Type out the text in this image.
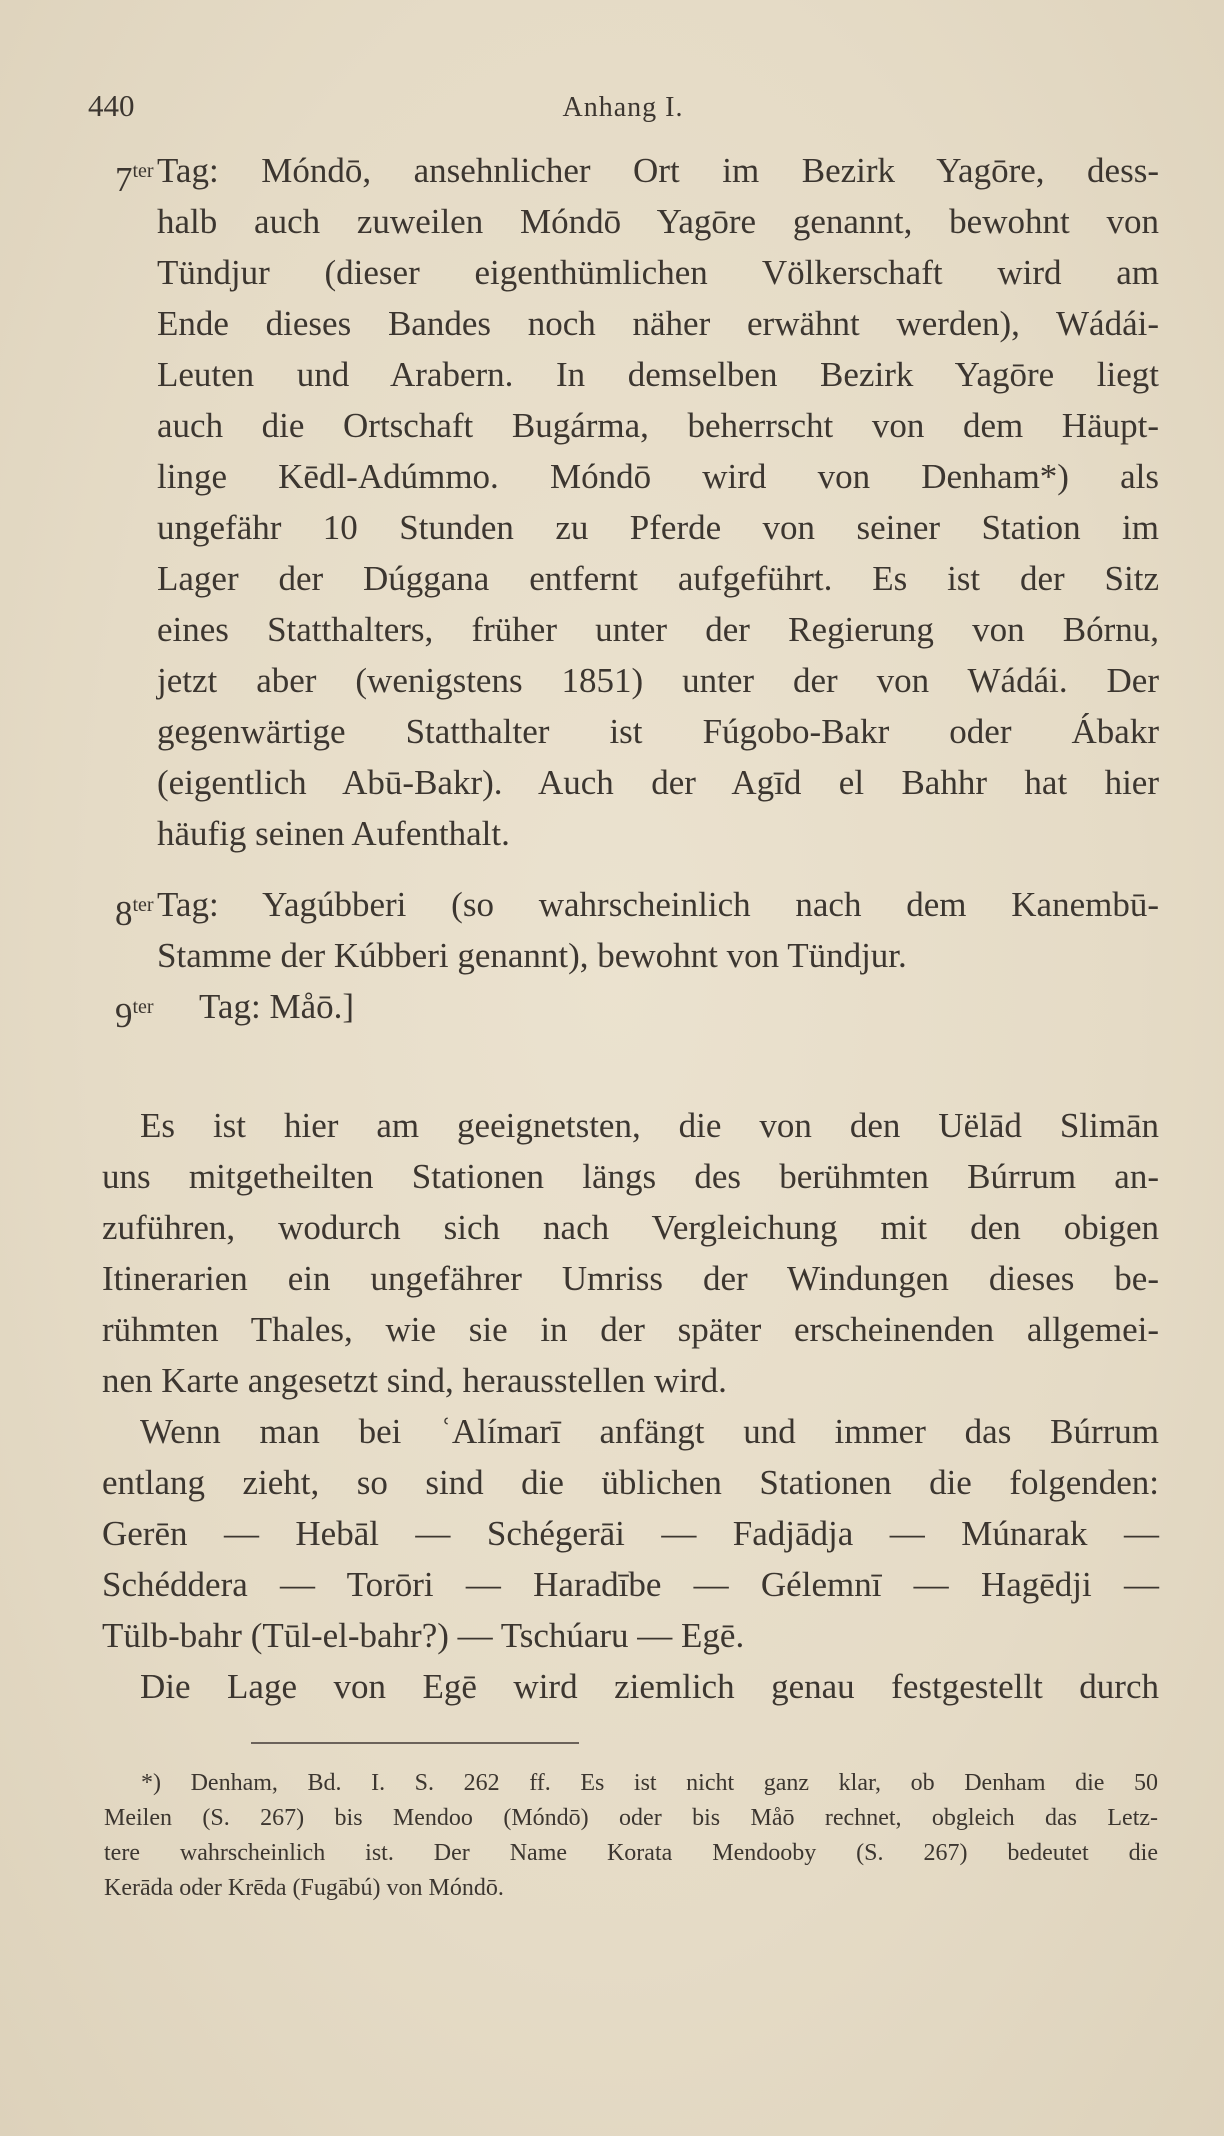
440	Anhang I.
$7^{ter}$ Tag: Móndō, ansehnlicher Ort im Bezirk Yagōre, dess-
halb auch zuweilen Móndō Yagōre genannt, bewohnt von
Tündjur (dieser eigenthümlichen Völkerschaft wird am
Ende dieses Bandes noch näher erwähnt werden), Wádái-
Leuten und Arabern. In demselben Bezirk Yagōre liegt
auch die Ortschaft Bugárma, beherrscht von dem Häupt-
linge Kēdl-Adúmmo. Móndō wird von Denham*) als
ungefähr 10 Stunden zu Pferde von seiner Station im
Lager der Dúggana entfernt aufgeführt. Es ist der Sitz
eines Statthalters, früher unter der Regierung von Bórnu,
jetzt aber (wenigstens 1851) unter der von Wádái. Der
gegenwärtige Statthalter ist Fúgobo-Bakr oder Ábakr
(eigentlich Abū-Bakr). Auch der Agīd el Bahhr hat hier
häufig seinen Aufenthalt.
$8^{ter}$ Tag: Yagúbberi (so wahrscheinlich nach dem Kanembū-
Stamme der Kúbberi genannt), bewohnt von Tündjur.
$9^{ter}$ Tag: Måō.]
Es ist hier am geeignetsten, die von den Uëlād Slimān
uns mitgetheilten Stationen längs des berühmten Búrrum an-
zuführen, wodurch sich nach Vergleichung mit den obigen
Itinerarien ein ungefährer Umriss der Windungen dieses be-
rühmten Thales, wie sie in der später erscheinenden allgemei-
nen Karte angesetzt sind, herausstellen wird.
Wenn man bei ʿAlímarī anfängt und immer das Búrrum
entlang zieht, so sind die üblichen Stationen die folgenden:
Gerēn — Hebāl — Schégerāi — Fadjādja — Múnarak —
Schéddera — Torōri — Haradībe — Gélemnī — Hagēdji —
Tülb-bahr (Tūl-el-bahr?) — Tschúaru — Egē.
Die Lage von Egē wird ziemlich genau festgestellt durch
*) Denham, Bd. I. S. 262 ff. Es ist nicht ganz klar, ob Denham die 50
Meilen (S. 267) bis Mendoo (Móndō) oder bis Måō rechnet, obgleich das Letz-
tere wahrscheinlich ist. Der Name Korata Mendooby (S. 267) bedeutet die
Kerāda oder Krēda (Fugābú) von Móndō.
